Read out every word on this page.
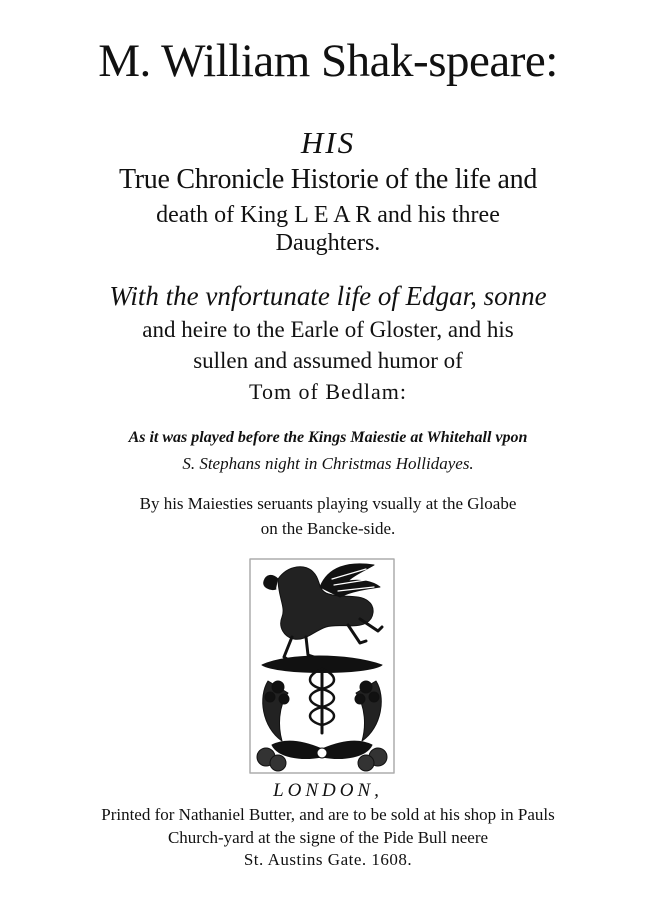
M. William Shak-speare:
HIS
True Chronicle Historie of the life and
death of King L E A R and his three
Daughters.
With the vnfortunate life of Edgar, sonne
and heire to the Earle of Gloster, and his
sullen and assumed humor of
Tom of Bedlam:
As it was played before the Kings Maiestie at Whitehall vpon
S. Stephans night in Christmas Hollidayes.
By his Maiesties seruants playing vsually at the Gloabe
on the Bancke-side.
LONDON,
Printed for Nathaniel Butter, and are to be sold at his shop in Pauls
Church-yard at the signe of the Pide Bull neere
St. Austins Gate. 1608.
